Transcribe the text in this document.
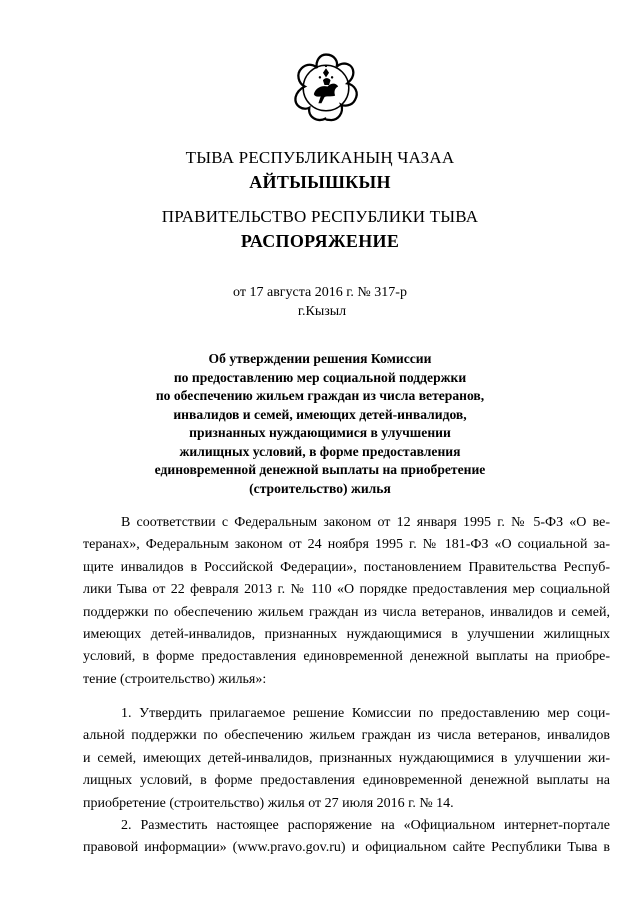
ТЫВА РЕСПУБЛИКАНЫҢ ЧАЗАА
АЙТЫЫШКЫН
ПРАВИТЕЛЬСТВО РЕСПУБЛИКИ ТЫВА
РАСПОРЯЖЕНИЕ
от 17 августа 2016 г. № 317-р
г.Кызыл
Об утверждении решения Комиссии
по предоставлению мер социальной поддержки
по обеспечению жильем граждан из числа ветеранов,
инвалидов и семей, имеющих детей-инвалидов,
признанных нуждающимися в улучшении
жилищных условий, в форме предоставления
единовременной денежной выплаты на приобретение
(строительство) жилья
В соответствии с Федеральным законом от 12 января 1995 г. № 5-ФЗ «О ве-
теранах», Федеральным законом от 24 ноября 1995 г. № 181-ФЗ «О социальной за-
щите инвалидов в Российской Федерации», постановлением Правительства Респуб-
лики Тыва от 22 февраля 2013 г. № 110 «О порядке предоставления мер социальной
поддержки по обеспечению жильем граждан из числа ветеранов, инвалидов и семей,
имеющих детей-инвалидов, признанных нуждающимися в улучшении жилищных
условий, в форме предоставления единовременной денежной выплаты на приобре-
тение (строительство) жилья»:
1. Утвердить прилагаемое решение Комиссии по предоставлению мер соци-
альной поддержки по обеспечению жильем граждан из числа ветеранов, инвалидов
и семей, имеющих детей-инвалидов, признанных нуждающимися в улучшении жи-
лищных условий, в форме предоставления единовременной денежной выплаты на
приобретение (строительство) жилья от 27 июля 2016 г. № 14.
2. Разместить настоящее распоряжение на «Официальном интернет-портале
правовой информации» (www.pravo.gov.ru) и официальном сайте Республики Тыва в
